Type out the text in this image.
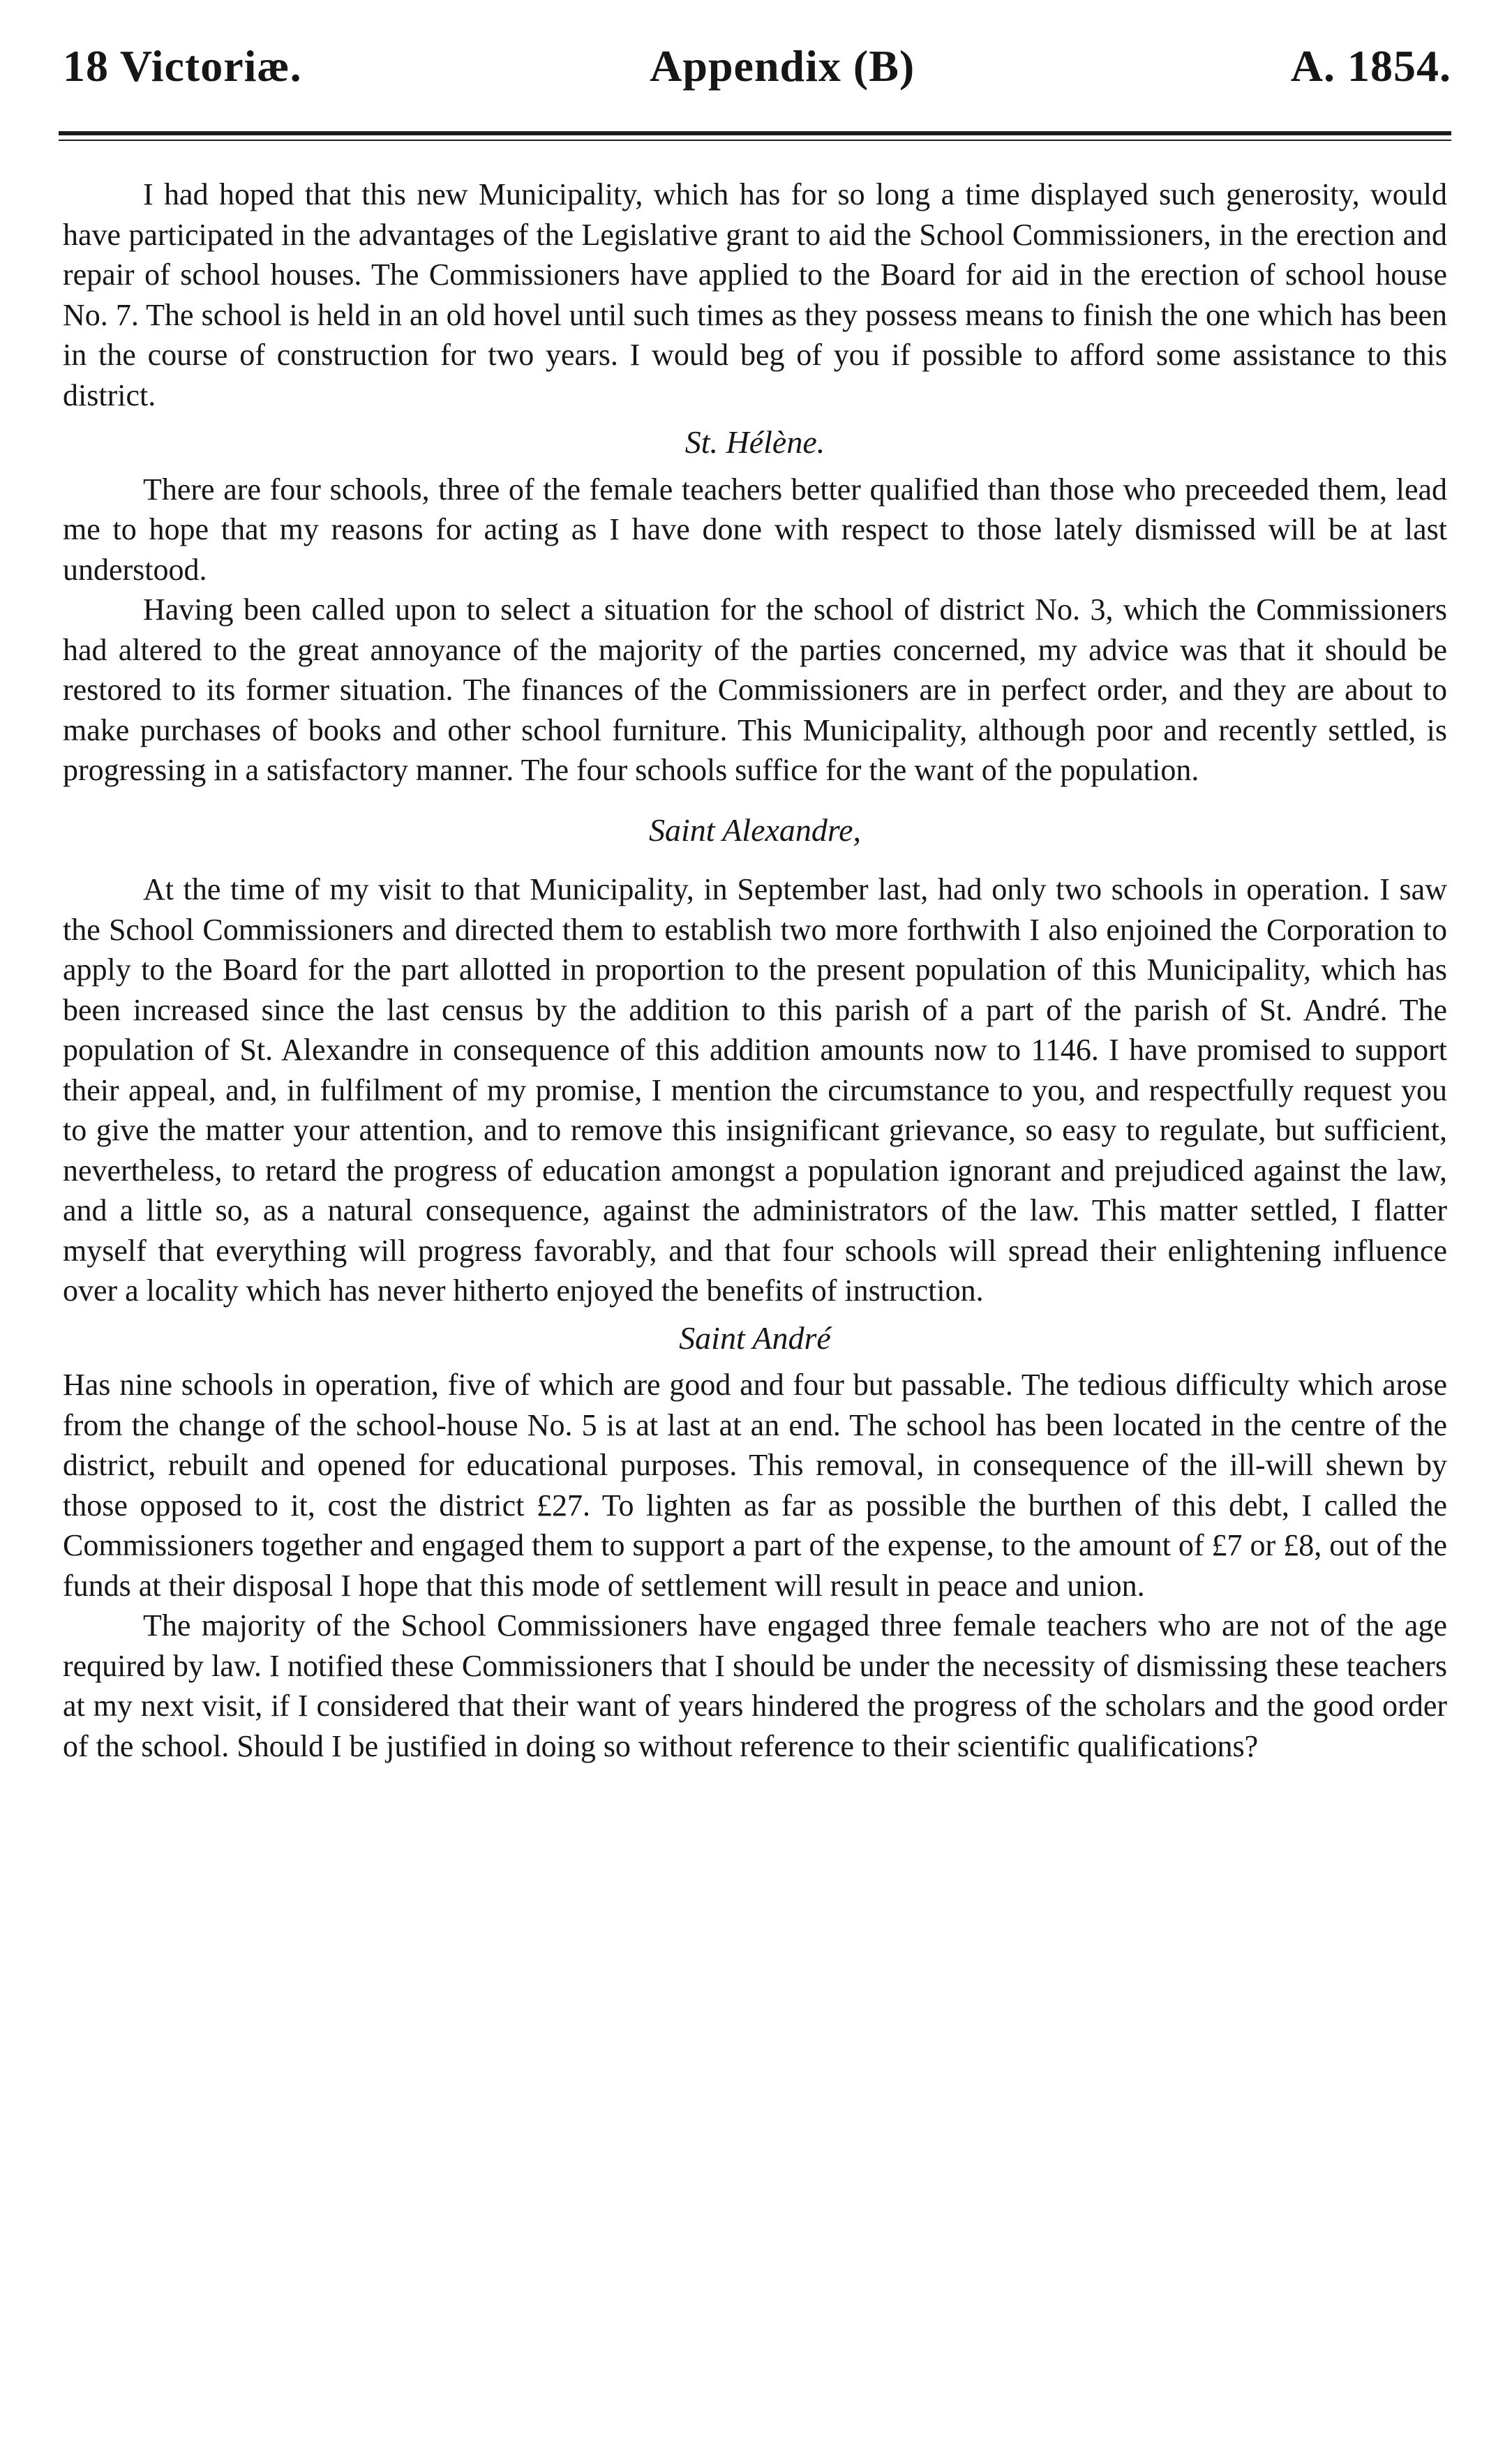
18 Victoriæ.	Appendix (B)	A. 1854.

I had hoped that this new Municipality, which has for so long a time displayed such generosity, would have participated in the advantages of the Legislative grant to aid the School Commissioners, in the erection and repair of school houses. The Commissioners have applied to the Board for aid in the erection of school house No. 7. The school is held in an old hovel until such times as they possess means to finish the one which has been in the course of construction for two years. I would beg of you if possible to afford some assistance to this district.

St. Hélène.

There are four schools, three of the female teachers better qualified than those who preceeded them, lead me to hope that my reasons for acting as I have done with respect to those lately dismissed will be at last understood.

Having been called upon to select a situation for the school of district No. 3, which the Commissioners had altered to the great annoyance of the majority of the parties concerned, my advice was that it should be restored to its former situation. The finances of the Commissioners are in perfect order, and they are about to make purchases of books and other school furniture. This Municipality, although poor and recently settled, is progressing in a satisfactory manner. The four schools suffice for the want of the population.

Saint Alexandre,

At the time of my visit to that Municipality, in September last, had only two schools in operation. I saw the School Commissioners and directed them to establish two more forthwith I also enjoined the Corporation to apply to the Board for the part allotted in proportion to the present population of this Municipality, which has been increased since the last census by the addition to this parish of a part of the parish of St. André. The population of St. Alexandre in consequence of this addition amounts now to 1146. I have promised to support their appeal, and, in fulfilment of my promise, I mention the circumstance to you, and respectfully request you to give the matter your attention, and to remove this insignificant grievance, so easy to regulate, but sufficient, nevertheless, to retard the progress of education amongst a population ignorant and prejudiced against the law, and a little so, as a natural consequence, against the administrators of the law. This matter settled, I flatter myself that everything will progress favorably, and that four schools will spread their enlightening influence over a locality which has never hitherto enjoyed the benefits of instruction.

Saint André

Has nine schools in operation, five of which are good and four but passable. The tedious difficulty which arose from the change of the school-house No. 5 is at last at an end. The school has been located in the centre of the district, rebuilt and opened for educational purposes. This removal, in consequence of the ill-will shewn by those opposed to it, cost the district £27. To lighten as far as possible the burthen of this debt, I called the Commissioners together and engaged them to support a part of the expense, to the amount of £7 or £8, out of the funds at their disposal I hope that this mode of settlement will result in peace and union.

The majority of the School Commissioners have engaged three female teachers who are not of the age required by law. I notified these Commissioners that I should be under the necessity of dismissing these teachers at my next visit, if I considered that their want of years hindered the progress of the scholars and the good order of the school. Should I be justified in doing so without reference to their scientific qualifications?
